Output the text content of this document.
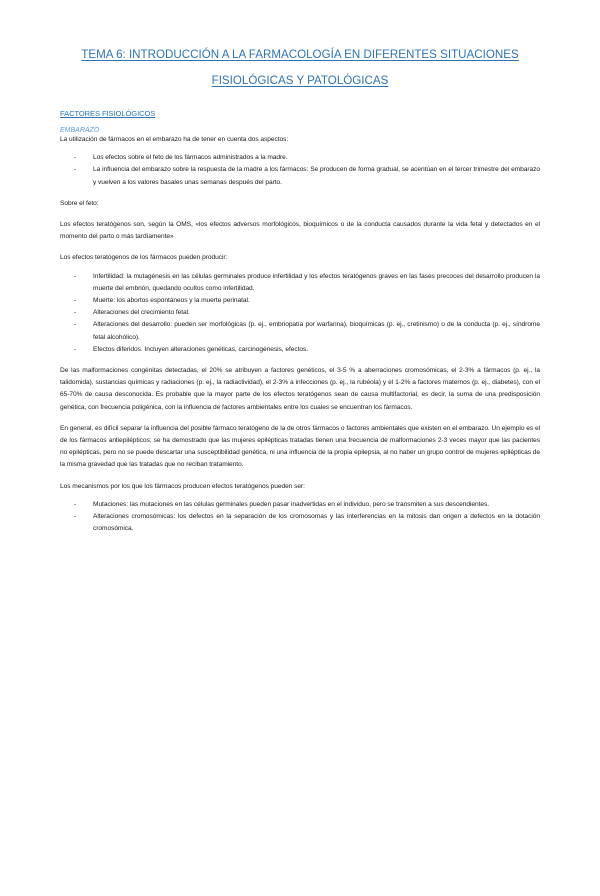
TEMA 6: INTRODUCCIÓN A LA FARMACOLOGÍA EN DIFERENTES SITUACIONES
FISIOLÓGICAS Y PATOLÓGICAS
FACTORES FISIOLÓGICOS
EMBARAZO

La utilización de fármacos en el embarazo ha de tener en cuenta dos aspectos:

-	Los efectos sobre el feto de los fármacos administrados a la madre.
-	La influencia del embarazo sobre la respuesta de la madre a los fármacos: Se producen de forma gradual, se acentúan en el tercer trimestre del embarazo y vuelven a los valores basales unas semanas después del parto.

Sobre el feto:

Los efectos teratógenos son, según la OMS, «los efectos adversos morfológicos, bioquímicos o de la conducta causados durante la vida fetal y detectados en el momento del parto o más tardíamente»

Los efectos teratógenos de los fármacos pueden producir:

-	Infertilidad: la mutagénesis en las células germinales produce infertilidad y los efectos teratógenos graves en las fases precoces del desarrollo producen la muerte del embrión, quedando ocultos como infertilidad.
-	Muerte: los abortos espontáneos y la muerte perinatal.
-	Alteraciones del crecimiento fetal.
-	Alteraciones del desarrollo: pueden ser morfológicas (p. ej., embriopatía por warfarina), bioquímicas (p. ej., cretinismo) o de la conducta (p. ej., síndrome fetal alcohólico).
-	Efectos diferidos. Incluyen alteraciones genéticas, carcinogénesis, efectos.

De las malformaciones congénitas detectadas, el 20% se atribuyen a factores genéticos, el 3-5 % a aberraciones cromosómicas, el 2-3% a fármacos (p. ej., la talidomida), sustancias químicas y radiaciones (p. ej., la radiactividad), el 2-3% a infecciones (p. ej., la rubéola) y el 1-2% a factores maternos (p. ej., diabetes), con el 65-70% de causa desconocida. Es probable que la mayor parte de los efectos teratógenos sean de causa multifactorial, es decir, la suma de una predisposición genética, con frecuencia poligénica, con la influencia de factores ambientales entre los cuales se encuentran los fármacos.

En general, es difícil separar la influencia del posible fármaco teratógeno de la de otros fármacos o factores ambientales que existen en el embarazo. Un ejemplo es el de los fármacos antiepilépticos; se ha demostrado que las mujeres epilépticas tratadas tienen una frecuencia de malformaciones 2-3 veces mayor que las pacientes no epilépticas, pero no se puede descartar una susceptibilidad genética, ni una influencia de la propia epilepsia, al no haber un grupo control de mujeres epilépticas de la misma gravedad que las tratadas que no reciban tratamiento.

Los mecanismos por los que los fármacos producen efectos teratógenos pueden ser:

-	Mutaciones: las mutaciones en las células germinales pueden pasar inadvertidas en el individuo, pero se transmiten a sus descendientes.
-	Alteraciones cromosómicas: los defectos en la separación de los cromosomas y las interferencias en la mitosis dan origen a defectos en la dotación cromosómica.
